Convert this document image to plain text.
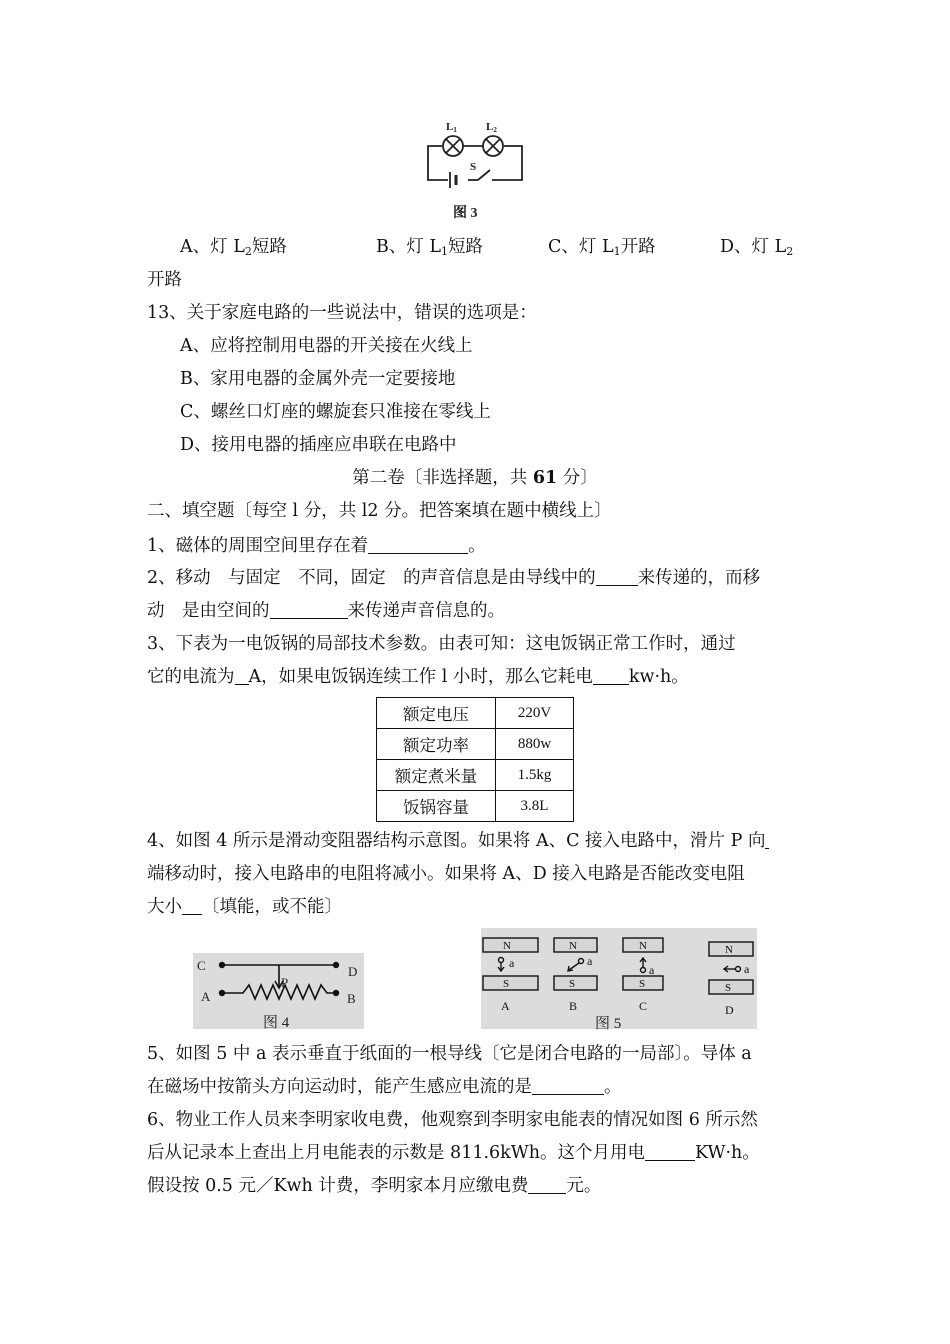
L1	L2
S
图 3
A、灯 $L_2$短路	B、灯 $L_1$短路	C、灯 $L_1$开路	D、灯 $L_2$
开路
13、关于家庭电路的一些说法中，错误的选项是：
A、应将控制用电器的开关接在火线上
B、家用电器的金属外壳一定要接地
C、螺丝口灯座的螺旋套只准接在零线上
D、接用电器的插座应串联在电路中
第二卷〔非选择题，共 61 分〕
二、填空题〔每空 l 分，共 l2 分。把答案填在题中横线上〕
1、磁体的周围空间里存在着	。
2、移动　与固定　不同，固定　的声音信息是由导线中的 来传递的，而移
动　是由空间的	来传递声音信息的。
3、下表为一电饭锅的局部技术参数。由表可知：这电饭锅正常工作时，通过
它的电流为 A，如果电饭锅连续工作 l 小时，那么它耗电 kw·h。
额定电压	220V
额定功率	880w
额定煮米量	1.5kg
饭锅容量	3.8L
4、如图 4 所示是滑动变阻器结构示意图。如果将 A、C 接入电路中，滑片 P 向
端移动时，接入电路串的电阻将减小。如果将 A、D 接入电路是否能改变电阻
大小 〔填能，或不能〕
C	D
A	B
P
图 4
N
S
N
S
N
S
N
S
a	a
a	a
A	B	C	D
图 5
5、如图 5 中 a 表示垂直于纸面的一根导线〔它是闭合电路的一局部〕。导体 a
在磁场中按箭头方向运动时，能产生感应电流的是	。
6、物业工作人员来李明家收电费，他观察到李明家电能表的情况如图 6 所示然
后从记录本上查出上月电能表的示数是 811.6kWh。这个月用电	KW·h。
假设按 0.5 元／Kwh 计费，李明家本月应缴电费 元。
